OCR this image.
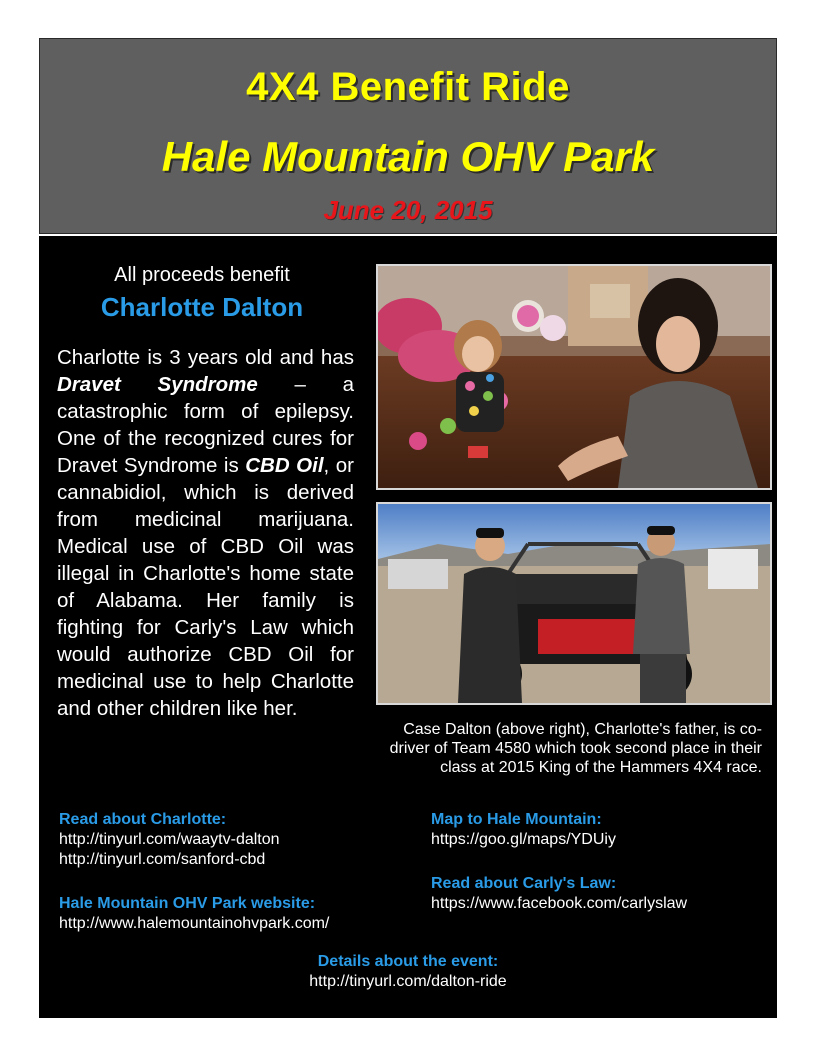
4X4 Benefit Ride
Hale Mountain OHV Park
June 20, 2015
All proceeds benefit
Charlotte Dalton
Charlotte is 3 years old and has Dravet Syndrome – a catastrophic form of epilepsy. One of the recognized cures for Dravet Syndrome is CBD Oil, or cannabidiol, which is derived from medicinal marijuana. Medical use of CBD Oil was illegal in Charlotte's home state of Alabama. Her family is fighting for Carly's Law which would authorize CBD Oil for medicinal use to help Charlotte and other children like her.
Case Dalton (above right), Charlotte's father, is co-driver of Team 4580 which took second place in their class at 2015 King of the Hammers 4X4 race.
Read about Charlotte:
http://tinyurl.com/waaytv-dalton
http://tinyurl.com/sanford-cbd
Hale Mountain OHV Park website:
http://www.halemountainohvpark.com/
Map to Hale Mountain:
https://goo.gl/maps/YDUiy
Read about Carly's Law:
https://www.facebook.com/carlyslaw
Details about the event:
http://tinyurl.com/dalton-ride
